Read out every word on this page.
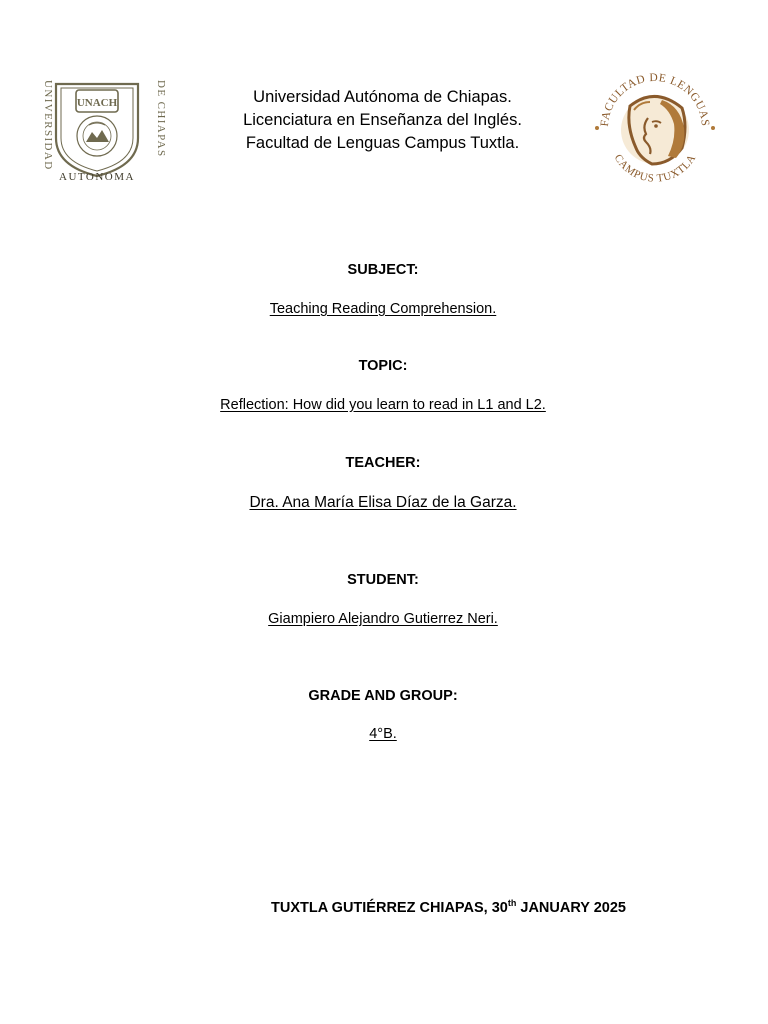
UNIVERSIDAD	DE CHIAPAS
UNACH
AUTONOMA
Universidad Autónoma de Chiapas.
Licenciatura en Enseñanza del Inglés.
Facultad de Lenguas Campus Tuxtla.
FACULTAD DE LENGUAS
CAMPUS TUXTLA
SUBJECT:
Teaching Reading Comprehension.
TOPIC:
Reflection: How did you learn to read in L1 and L2.
TEACHER:
Dra. Ana María Elisa Díaz de la Garza.
STUDENT:
Giampiero Alejandro Gutierrez Neri.
GRADE AND GROUP:
4°B.
TUXTLA GUTIÉRREZ CHIAPAS, 30th JANUARY 2025
